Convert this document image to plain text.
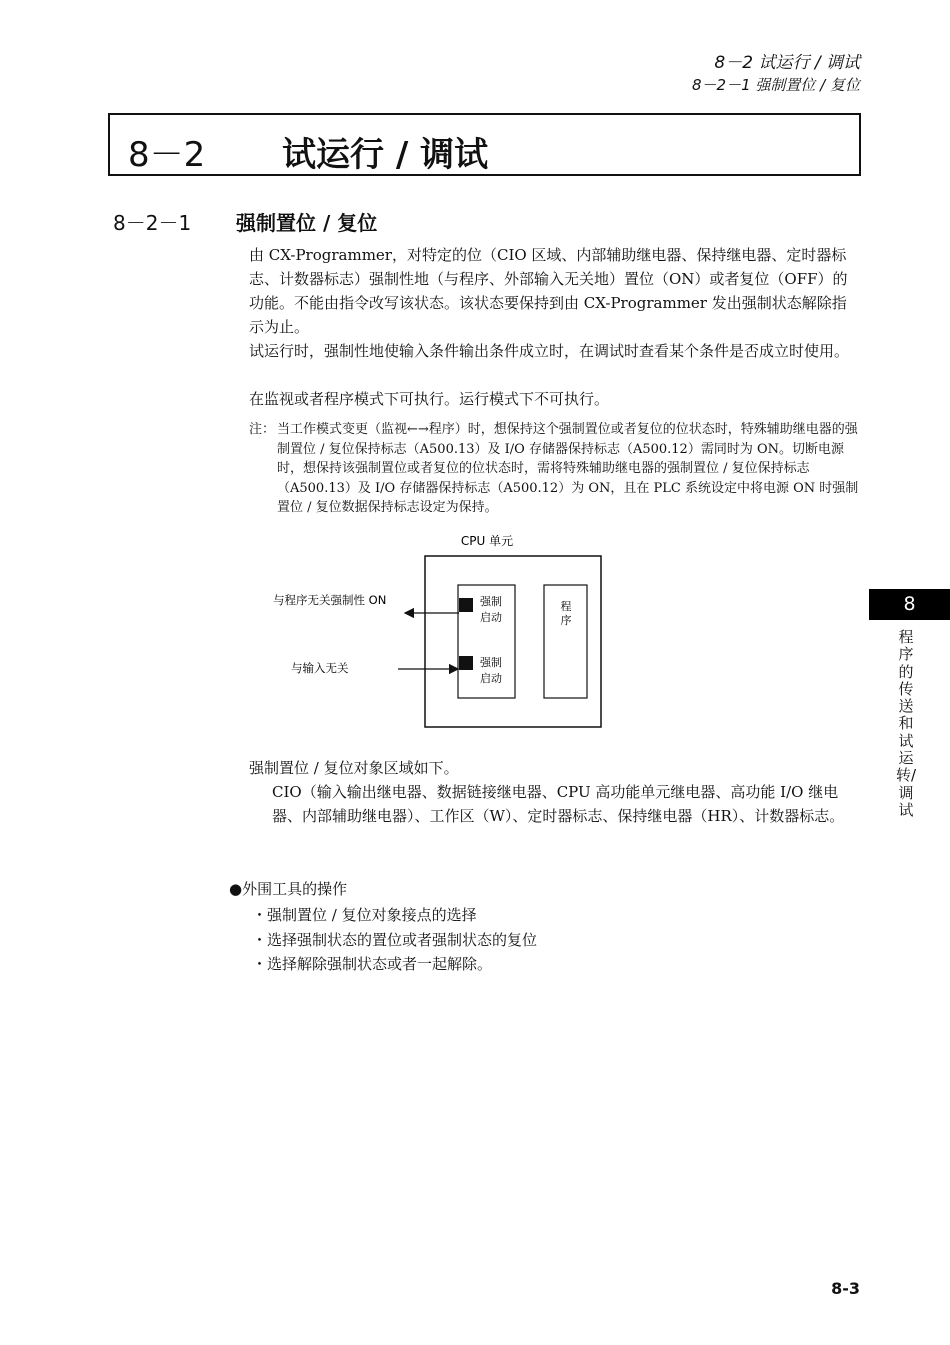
8－2 试运行 / 调试
8－2－1 强制置位 / 复位
8－2 试运行 / 调试
8－2－1 强制置位 / 复位
由 CX-Programmer，对特定的位（CIO 区域、内部辅助继电器、保持继电器、定时器标志、计数器标志）强制性地（与程序、外部输入无关地）置位（ON）或者复位（OFF）的功能。不能由指令改写该状态。该状态要保持到由 CX-Programmer 发出强制状态解除指示为止。
试运行时，强制性地使输入条件输出条件成立时，在调试时查看某个条件是否成立时使用。
在监视或者程序模式下可执行。运行模式下不可执行。
注： 当工作模式变更（监视←→程序）时，想保持这个强制置位或者复位的位状态时，特殊辅助继电器的强制置位 / 复位保持标志（A500.13）及 I/O 存储器保持标志（A500.12）需同时为 ON。切断电源时，想保持该强制置位或者复位的位状态时，需将特殊辅助继电器的强制置位 / 复位保持标志（A500.13）及 I/O 存储器保持标志（A500.12）为 ON，且在 PLC 系统设定中将电源 ON 时强制置位 / 复位数据保持标志设定为保持。
CPU 单元
强制
启动
强制
启动
程
序
与程序无关强制性 ON
与输入无关
强制置位 / 复位对象区域如下。
CIO（输入输出继电器、数据链接继电器、CPU 高功能单元继电器、高功能 I/O 继电器、内部辅助继电器）、工作区（W）、定时器标志、保持继电器（HR）、计数器标志。
●外围工具的操作
・强制置位 / 复位对象接点的选择
・选择强制状态的置位或者强制状态的复位
・选择解除强制状态或者一起解除。
8
程序的传送和试运转/调试
8-3
